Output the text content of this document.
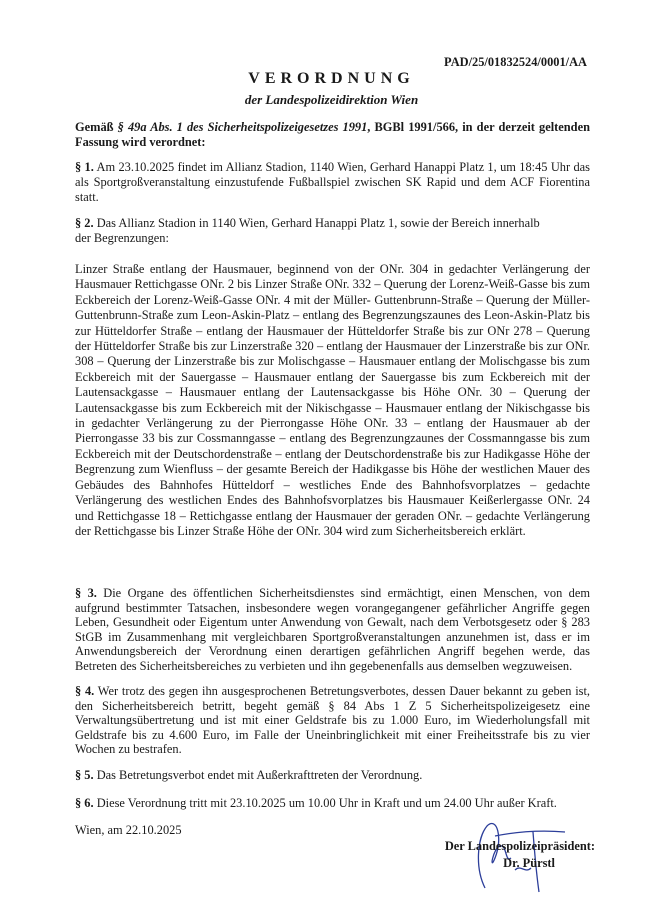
PAD/25/01832524/0001/AA
VERORDNUNG
der Landespolizeidirektion Wien
Gemäß § 49a Abs. 1 des Sicherheitspolizeigesetzes 1991, BGBl 1991/566, in der derzeit geltenden Fassung wird verordnet:
§ 1. Am 23.10.2025 findet im Allianz Stadion, 1140 Wien, Gerhard Hanappi Platz 1, um 18:45 Uhr das als Sportgroßveranstaltung einzustufende Fußballspiel zwischen SK Rapid und dem ACF Fiorentina statt.
§ 2. Das Allianz Stadion in 1140 Wien, Gerhard Hanappi Platz 1, sowie der Bereich innerhalb der Begrenzungen:
Linzer Straße entlang der Hausmauer, beginnend von der ONr. 304 in gedachter Verlängerung der Hausmauer Rettichgasse ONr. 2 bis Linzer Straße ONr. 332 – Querung der Lorenz-Weiß-Gasse bis zum Eckbereich der Lorenz-Weiß-Gasse ONr. 4 mit der Müller- Guttenbrunn-Straße – Querung der Müller-Guttenbrunn-Straße zum Leon-Askin-Platz – entlang des Begrenzungszaunes des Leon-Askin-Platz bis zur Hütteldorfer Straße – entlang der Hausmauer der Hütteldorfer Straße bis zur ONr 278 – Querung der Hütteldorfer Straße bis zur Linzerstraße 320 – entlang der Hausmauer der Linzerstraße bis zur ONr. 308 – Querung der Linzerstraße bis zur Molischgasse – Hausmauer entlang der Molischgasse bis zum Eckbereich mit der Sauergasse – Hausmauer entlang der Sauergasse bis zum Eckbereich mit der Lautensackgasse – Hausmauer entlang der Lautensackgasse bis Höhe ONr. 30 – Querung der Lautensackgasse bis zum Eckbereich mit der Nikischgasse – Hausmauer entlang der Nikischgasse bis in gedachter Verlängerung zu der Pierrongasse Höhe ONr. 33 – entlang der Hausmauer ab der Pierrongasse 33 bis zur Cossmanngasse – entlang des Begrenzungzaunes der Cossmanngasse bis zum Eckbereich mit der Deutschordenstraße – entlang der Deutschordenstraße bis zur Hadikgasse Höhe der Begrenzung zum Wienfluss – der gesamte Bereich der Hadikgasse bis Höhe der westlichen Mauer des Gebäudes des Bahnhofes Hütteldorf – westliches Ende des Bahnhofsvorplatzes – gedachte Verlängerung des westlichen Endes des Bahnhofsvorplatzes bis Hausmauer Keißerlergasse ONr. 24 und Rettichgasse 18 – Rettichgasse entlang der Hausmauer der geraden ONr. – gedachte Verlängerung der Rettichgasse bis Linzer Straße Höhe der ONr. 304 wird zum Sicherheitsbereich erklärt.
§ 3. Die Organe des öffentlichen Sicherheitsdienstes sind ermächtigt, einen Menschen, von dem aufgrund bestimmter Tatsachen, insbesondere wegen vorangegangener gefährlicher Angriffe gegen Leben, Gesundheit oder Eigentum unter Anwendung von Gewalt, nach dem Verbotsgesetz oder § 283 StGB im Zusammenhang mit vergleichbaren Sportgroßveranstaltungen anzunehmen ist, dass er im Anwendungsbereich der Verordnung einen derartigen gefährlichen Angriff begehen werde, das Betreten des Sicherheitsbereiches zu verbieten und ihn gegebenenfalls aus demselben wegzuweisen.
§ 4. Wer trotz des gegen ihn ausgesprochenen Betretungsverbotes, dessen Dauer bekannt zu geben ist, den Sicherheitsbereich betritt, begeht gemäß § 84 Abs 1 Z 5 Sicherheitspolizeigesetz eine Verwaltungsübertretung und ist mit einer Geldstrafe bis zu 1.000 Euro, im Wiederholungsfall mit Geldstrafe bis zu 4.600 Euro, im Falle der Uneinbringlichkeit mit einer Freiheitsstrafe bis zu vier Wochen zu bestrafen.
§ 5. Das Betretungsverbot endet mit Außerkrafttreten der Verordnung.
§ 6. Diese Verordnung tritt mit 23.10.2025 um 10.00 Uhr in Kraft und um 24.00 Uhr außer Kraft.
Wien, am 22.10.2025
Der Landespolizeipräsident:
Dr. Pürstl
